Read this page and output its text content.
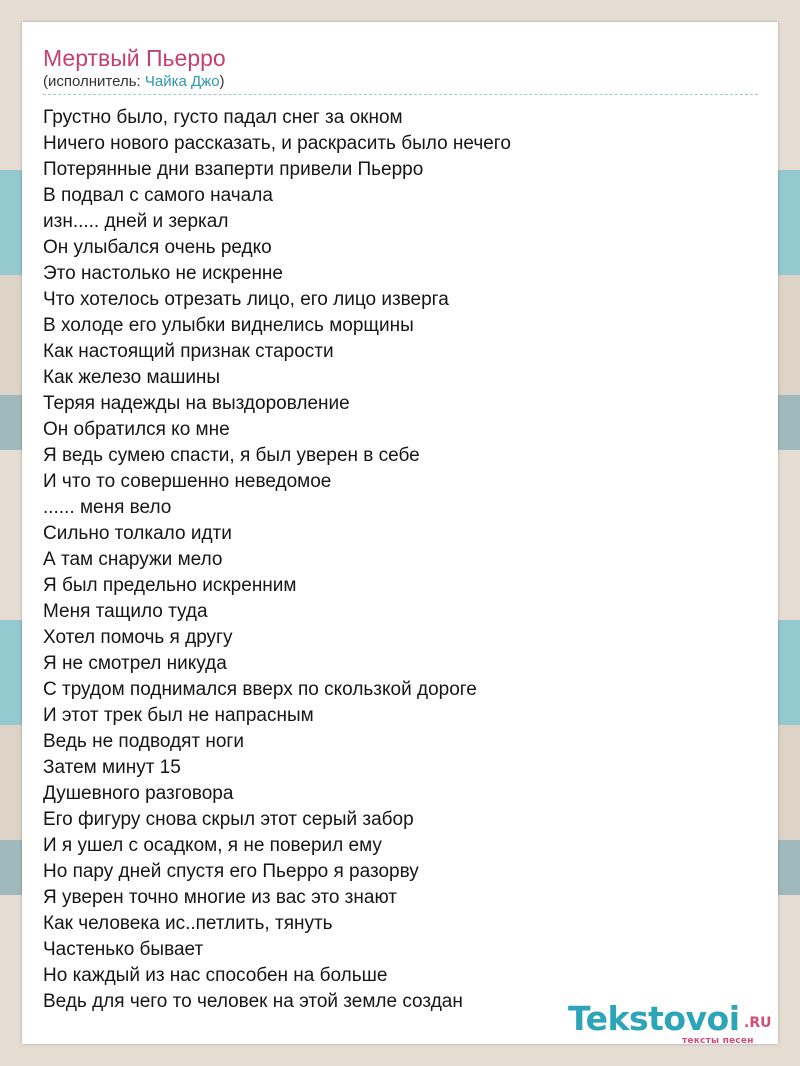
Мертвый Пьерро
(исполнитель: Чайка Джо)
Грустно было, густо падал снег за окном
Ничего нового рассказать, и раскрасить было нечего
Потерянные дни взаперти привели Пьерро
В подвал с самого начала
изн..... дней и зеркал
Он улыбался очень редко
Это настолько не искренне
Что хотелось отрезать лицо, его лицо изверга
В холоде его улыбки виднелись морщины
Как настоящий признак старости
Как железо машины
Теряя надежды на выздоровление
Он обратился ко мне
Я ведь сумею спасти, я был уверен в себе
И что то совершенно неведомое
...... меня вело
Сильно толкало идти
А там снаружи мело
Я был предельно искренним
Меня тащило туда
Хотел помочь я другу
Я не смотрел никуда
С трудом поднимался вверх по скользкой дороге
И этот трек был не напрасным
Ведь не подводят ноги
Затем минут 15
Душевного разговора
Его фигуру снова скрыл этот серый забор
И я ушел с осадком, я не поверил ему
Но пару дней спустя его Пьерро я разорву
Я уверен точно многие из вас это знают
Как человека ис..петлить, тянуть
Частенько бывает
Но каждый из нас способен на больше
Ведь для чего то человек на этой земле создан	Tekstovoi .RU
тексты песен
